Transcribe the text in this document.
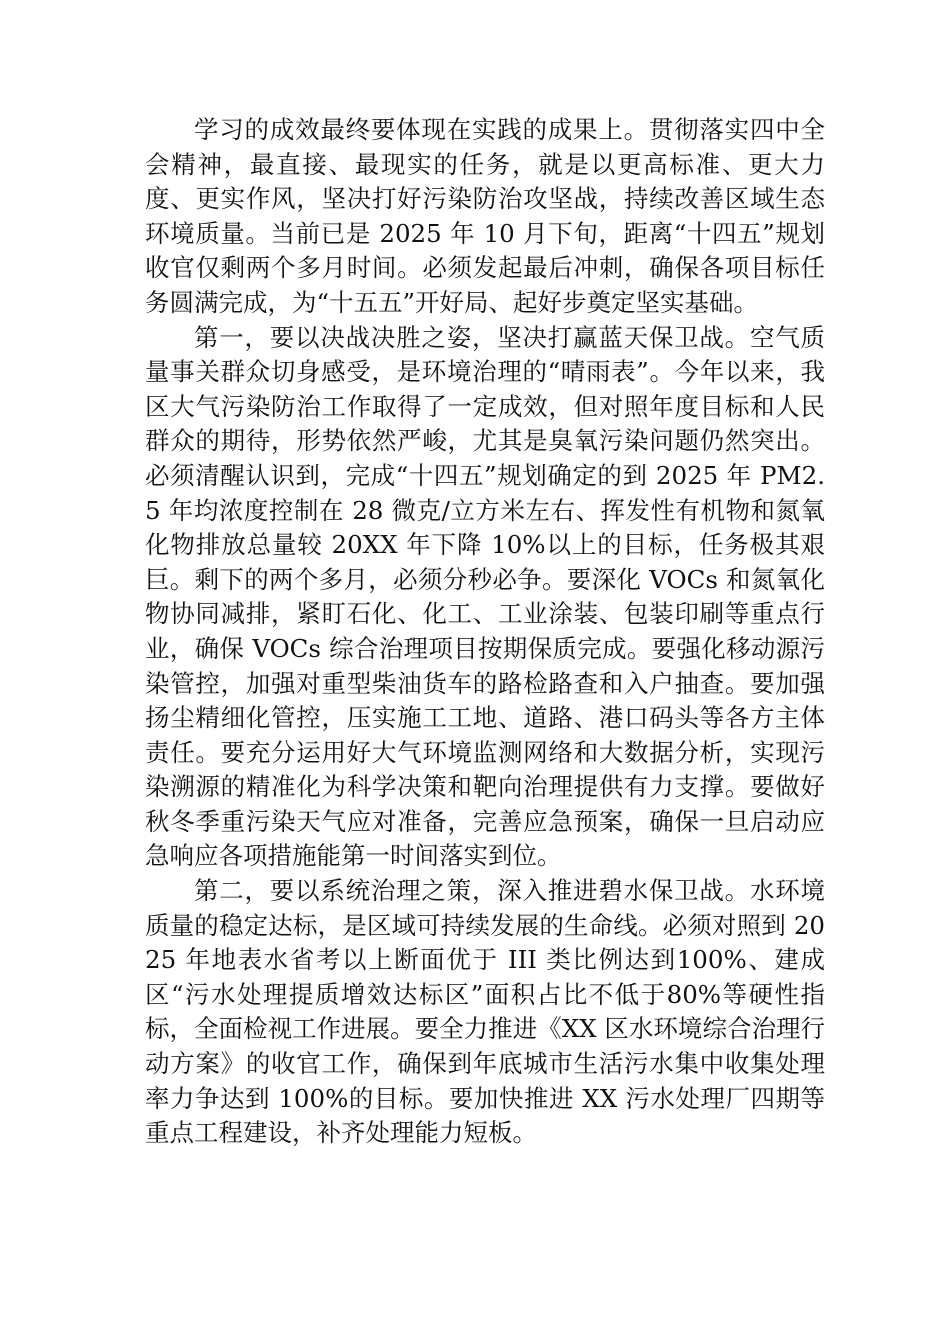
学习的成效最终要体现在实践的成果上。贯彻落实四中全会精神，最直接、最现实的任务，就是以更高标准、更大力度、更实作风，坚决打好污染防治攻坚战，持续改善区域生态环境质量。当前已是 2025 年 10 月下旬，距离“十四五”规划收官仅剩两个多月时间。必须发起最后冲刺，确保各项目标任务圆满完成，为“十五五”开好局、起好步奠定坚实基础。

第一，要以决战决胜之姿，坚决打赢蓝天保卫战。空气质量事关群众切身感受，是环境治理的“晴雨表”。今年以来，我区大气污染防治工作取得了一定成效，但对照年度目标和人民群众的期待，形势依然严峻，尤其是臭氧污染问题仍然突出。必须清醒认识到，完成“十四五”规划确定的到 2025 年 PM2.5 年均浓度控制在 28 微克/立方米左右、挥发性有机物和氮氧化物排放总量较 20XX 年下降 10%以上的目标，任务极其艰巨。剩下的两个多月，必须分秒必争。要深化 VOCs 和氮氧化物协同减排，紧盯石化、化工、工业涂装、包装印刷等重点行业，确保 VOCs 综合治理项目按期保质完成。要强化移动源污染管控，加强对重型柴油货车的路检路查和入户抽查。要加强扬尘精细化管控，压实施工工地、道路、港口码头等各方主体责任。要充分运用好大气环境监测网络和大数据分析，实现污染溯源的精准化为科学决策和靶向治理提供有力支撑。要做好秋冬季重污染天气应对准备，完善应急预案，确保一旦启动应急响应各项措施能第一时间落实到位。

第二，要以系统治理之策，深入推进碧水保卫战。水环境质量的稳定达标，是区域可持续发展的生命线。必须对照到 2025 年地表水省考以上断面优于 III 类比例达到100%、建成区“污水处理提质增效达标区”面积占比不低于80%等硬性指标，全面检视工作进展。要全力推进《XX 区水环境综合治理行动方案》的收官工作，确保到年底城市生活污水集中收集处理率力争达到 100%的目标。要加快推进 XX 污水处理厂四期等重点工程建设，补齐处理能力短板。
